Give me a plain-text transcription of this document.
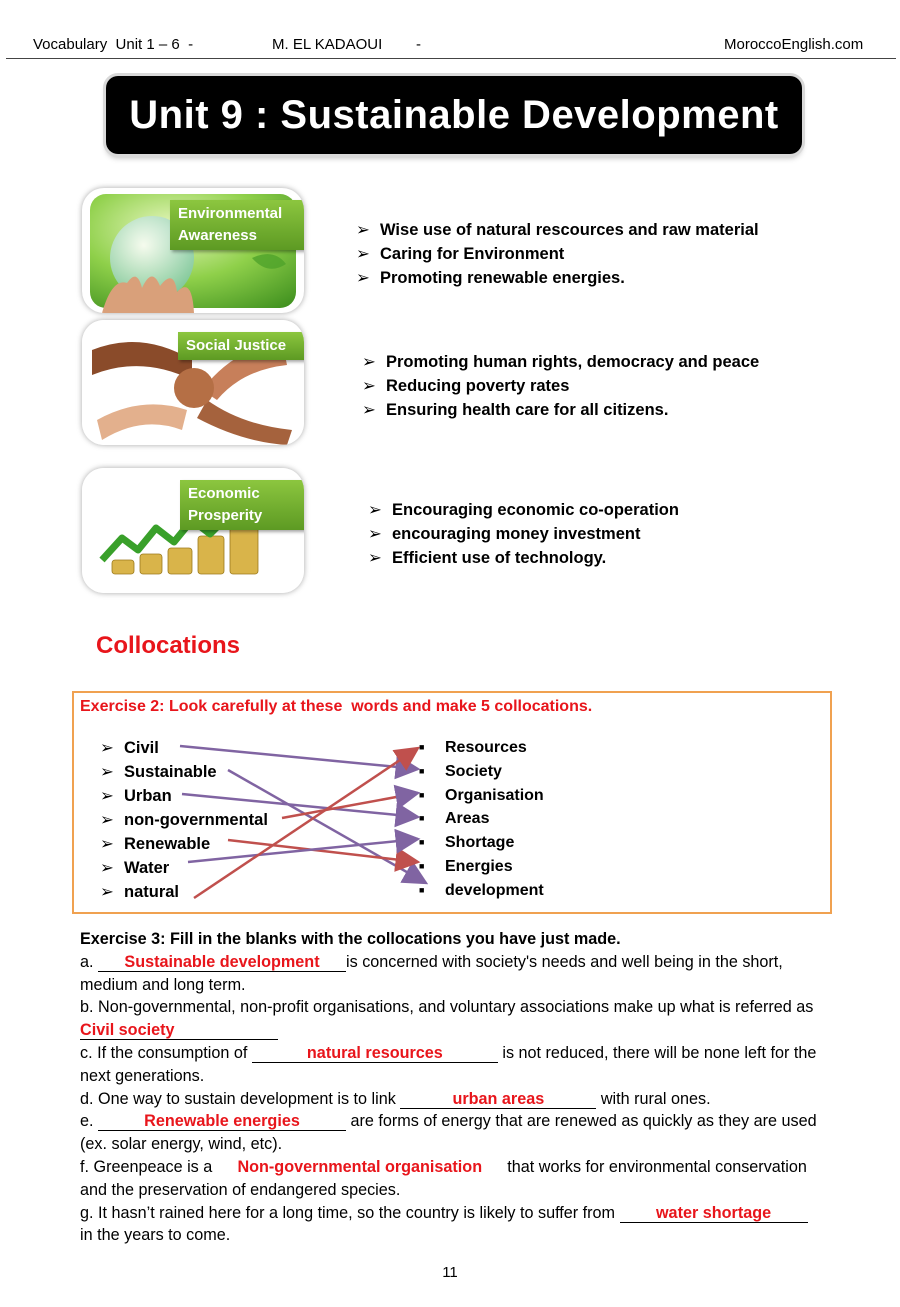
Vocabulary  Unit 1 – 6  -	M. EL KADAOUI -	MoroccoEnglish.com
Unit 9 : Sustainable Development
Environmental
Awareness	➢ Wise use of natural rescources and raw material
➢ Caring for Environment
➢ Promoting renewable energies.
Social Justice
➢ Promoting human rights, democracy and peace
➢ Reducing poverty rates
➢ Ensuring health care for all citizens.
Economic
Prosperity	➢ Encouraging economic co-operation
➢ encouraging money investment
➢ Efficient use of technology.
Collocations
Exercise 2: Look carefully at these  words and make 5 collocations.
➢ Civil
➢ Sustainable
➢ Urban
➢ non-governmental
➢ Renewable
➢ Water
➢ natural
■ Resources
■ Society
■ Organisation
■ Areas
■ Shortage
■ Energies
■ development
Exercise 3: Fill in the blanks with the collocations you have just made.
a. Sustainable development is concerned with society's needs and well being in the short, medium and long term.
b. Non-governmental, non-profit organisations, and voluntary associations make up what is referred as Civil society
c. If the consumption of	natural resources	is not reduced, there will be none left for the next generations.
d. One way to sustain development is to link	urban areas	with rural ones.
e.	Renewable energies	are forms of energy that are renewed as quickly as they are used (ex. solar energy, wind, etc).
f. Greenpeace is a Non-governmental organisation that works for environmental conservation and the preservation of endangered species.
g. It hasn’t rained here for a long time, so the country is likely to suffer from water shortage in the years to come.
11
